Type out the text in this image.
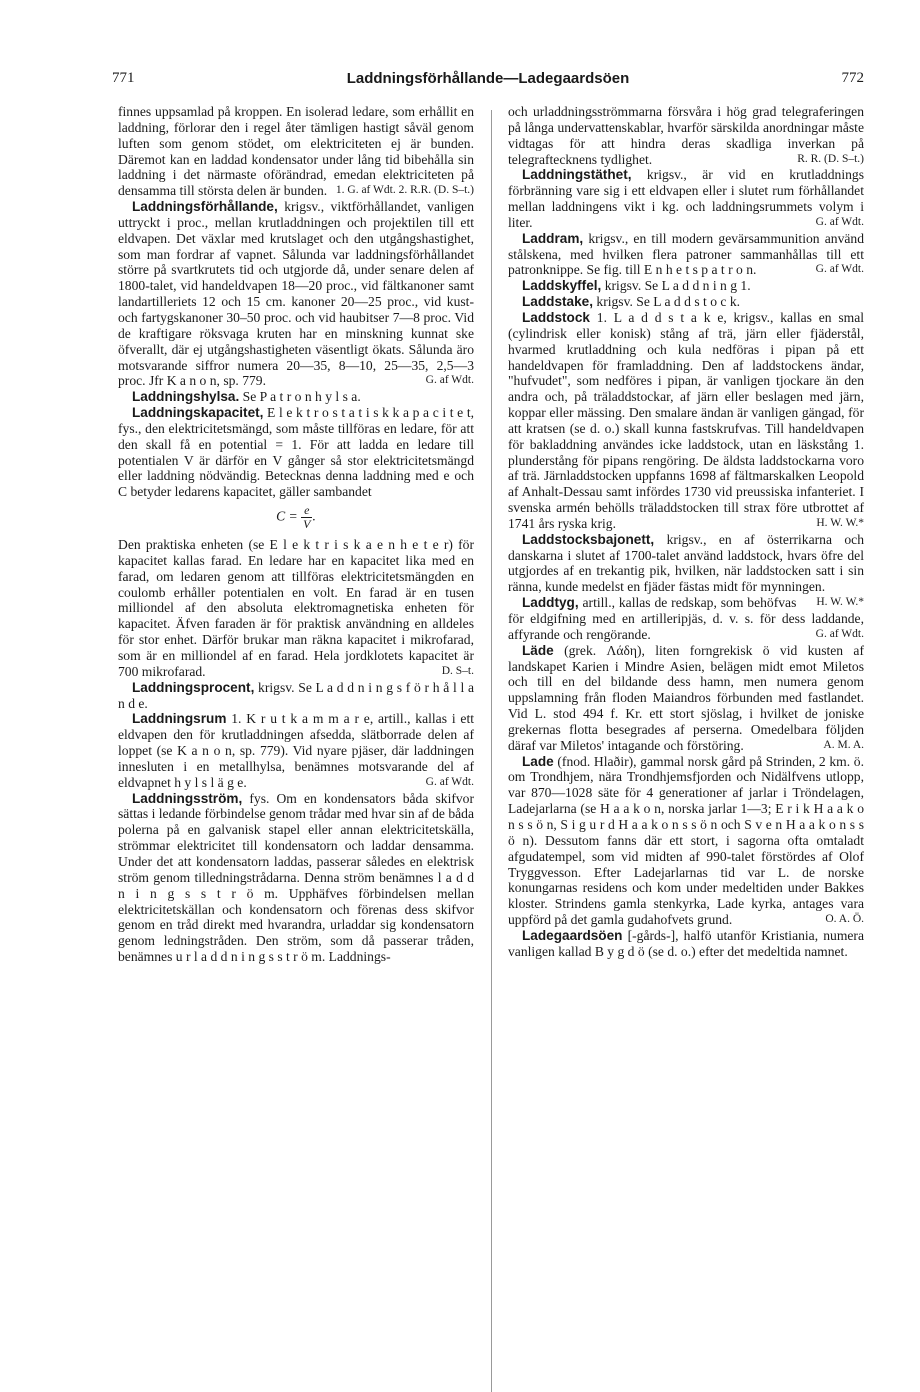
771	Laddningsförhållande—Ladegaardsöen	772

finnes uppsamlad på kroppen. En isolerad ledare, som erhållit en laddning, förlorar den i regel åter tämligen hastigt såväl genom luften som genom stödet, om elektriciteten ej är bunden. Däremot kan en laddad kondensator under lång tid bibehålla sin laddning i det närmaste oförändrad, emedan elektriciteten på densamma till största delen är bunden. 1. G. af Wdt. 2. R.R. (D. S–t.)

Laddningsförhållande, krigsv., viktförhållandet, vanligen uttryckt i proc., mellan krutladdningen och projektilen till ett eldvapen. Det växlar med krutslaget och den utgångshastighet, som man fordrar af vapnet. Sålunda var laddningsförhållandet större på svartkrutets tid och utgjorde då, under senare delen af 1800-talet, vid handeldvapen 18—20 proc., vid fältkanoner samt landartilleriets 12 och 15 cm. kanoner 20—25 proc., vid kust- och fartygskanoner 30–50 proc. och vid haubitser 7—8 proc. Vid de kraftigare röksvaga kruten har en minskning kunnat ske öfverallt, där ej utgångshastigheten väsentligt ökats. Sålunda äro motsvarande siffror numera 20—35, 8—10, 25—35, 2,5—3 proc. Jfr K a n o n, sp. 779.	G. af Wdt.

Laddningshylsa. Se P a t r o n h y l s a.

Laddningskapacitet, E l e k t r o s t a t i s k k a p a c i t e t, fys., den elektricitetsmängd, som måste tillföras en ledare, för att den skall få en potential = 1. För att ladda en ledare till potentialen V är därför en V gånger så stor elektricitetsmängd eller laddning nödvändig. Betecknas denna laddning med e och C betyder ledarens kapacitet, gäller sambandet

$C = \frac{e}{V}$ .

Den praktiska enheten (se E l e k t r i s k a e n h e t e r) för kapacitet kallas farad. En ledare har en kapacitet lika med en farad, om ledaren genom att tillföras elektricitetsmängden en coulomb erhåller potentialen en volt. En farad är en tusen milliondel af den absoluta elektromagnetiska enheten för kapacitet. Äfven faraden är för praktisk användning en alldeles för stor enhet. Därför brukar man räkna kapacitet i mikrofarad, som är en milliondel af en farad. Hela jordklotets kapacitet är 700 mikrofarad.	D. S–t.

Laddningsprocent, krigsv. Se L a d d n i n g s f ö r h å l l a n d e.

Laddningsrum 1. K r u t k a m m a r e, artill., kallas i ett eldvapen den för krutladdningen afsedda, slätborrade delen af loppet (se K a n o n, sp. 779). Vid nyare pjäser, där laddningen innesluten i en metallhylsa, benämnes motsvarande del af eldvapnet h y l s l ä g e.	G. af Wdt.

Laddningsström, fys. Om en kondensators båda skifvor sättas i ledande förbindelse genom trådar med hvar sin af de båda polerna på en galvanisk stapel eller annan elektricitetskälla, strömmar elektricitet till kondensatorn och laddar densamma. Under det att kondensatorn laddas, passerar således en elektrisk ström genom tilledningstrådarna. Denna ström benämnes l a d d n i n g s s t r ö m. Upphäfves förbindelsen mellan elektricitetskällan och kondensatorn och förenas dess skifvor genom en tråd direkt med hvarandra, urladdar sig kondensatorn genom ledningstråden. Den ström, som då passerar tråden, benämnes u r l a d d n i n g s s t r ö m. Laddnings-

och urladdningsströmmarna försvåra i hög grad telegraferingen på långa undervattenskablar, hvarför särskilda anordningar måste vidtagas för att hindra deras skadliga inverkan på telegraftecknens tydlighet.	R. R. (D. S–t.)

Laddningstäthet, krigsv., är vid en krutladdnings förbränning vare sig i ett eldvapen eller i slutet rum förhållandet mellan laddningens vikt i kg. och laddningsrummets volym i liter.	G. af Wdt.

Laddram, krigsv., en till modern gevärsammunition använd stålskena, med hvilken flera patroner sammanhållas till ett patronknippe. Se fig. till E n h e t s p a t r o n.	G. af Wdt.

Laddskyffel, krigsv. Se L a d d n i n g 1.

Laddstake, krigsv. Se L a d d s t o c k.

Laddstock 1. L a d d s t a k e, krigsv., kallas en smal (cylindrisk eller konisk) stång af trä, järn eller fjäderstål, hvarmed krutladdning och kula nedföras i pipan på ett handeldvapen för framladdning. Den af laddstockens ändar, "hufvudet", som nedföres i pipan, är vanligen tjockare än den andra och, på träladdstockar, af järn eller beslagen med järn, koppar eller mässing. Den smalare ändan är vanligen gängad, för att kratsen (se d. o.) skall kunna fastskrufvas. Till handeldvapen för bakladdning användes icke laddstock, utan en läskstång 1. plunderstång för pipans rengöring. De äldsta laddstockarna voro af trä. Järnladdstocken uppfanns 1698 af fältmarskalken Leopold af Anhalt-Dessau samt infördes 1730 vid preussiska infanteriet. I svenska armén behölls träladdstocken till strax före utbrottet af 1741 års ryska krig.	H. W. W.*

Laddstocksbajonett, krigsv., en af österrikarna och danskarna i slutet af 1700-talet använd laddstock, hvars öfre del utgjordes af en trekantig pik, hvilken, när laddstocken satt i sin ränna, kunde medelst en fjäder fästas midt för mynningen.
H. W. W.*

Laddtyg, artill., kallas de redskap, som behöfvas för eldgifning med en artilleripjäs, d. v. s. för dess laddande, affyrande och rengörande.	G. af Wdt.

Läde (grek. Λάδη), liten forngrekisk ö vid kusten af landskapet Karien i Mindre Asien, belägen midt emot Miletos och till en del bildande dess hamn, men numera genom uppslamning från floden Maiandros förbunden med fastlandet. Vid L. stod 494 f. Kr. ett stort sjöslag, i hvilket de joniske grekernas flotta besegrades af perserna. Omedelbara följden däraf var Miletos' intagande och förstöring.	A. M. A.

Lade (fnod. Hlaðir), gammal norsk gård på Strinden, 2 km. ö. om Trondhjem, nära Trondhjemsfjorden och Nidälfvens utlopp, var 870—1028 säte för 4 generationer af jarlar i Tröndelagen, Ladejarlarna (se H a a k o n, norska jarlar 1—3; E r i k H a a k o n s s ö n, S i g u r d H a a k o n s s ö n och S v e n H a a k o n s s ö n). Dessutom fanns där ett stort, i sagorna ofta omtaladt afgudatempel, som vid midten af 990-talet förstördes af Olof Tryggvesson. Efter Ladejarlarnas tid var L. de norske konungarnas residens och kom under medeltiden under Bakkes kloster. Strindens gamla stenkyrka, Lade kyrka, antages vara uppförd på det gamla gudahofvets grund.	O. A. Ö.

Ladegaardsöen [-gårds-], halfö utanför Kristiania, numera vanligen kallad B y g d ö (se d. o.) efter det medeltida namnet.
